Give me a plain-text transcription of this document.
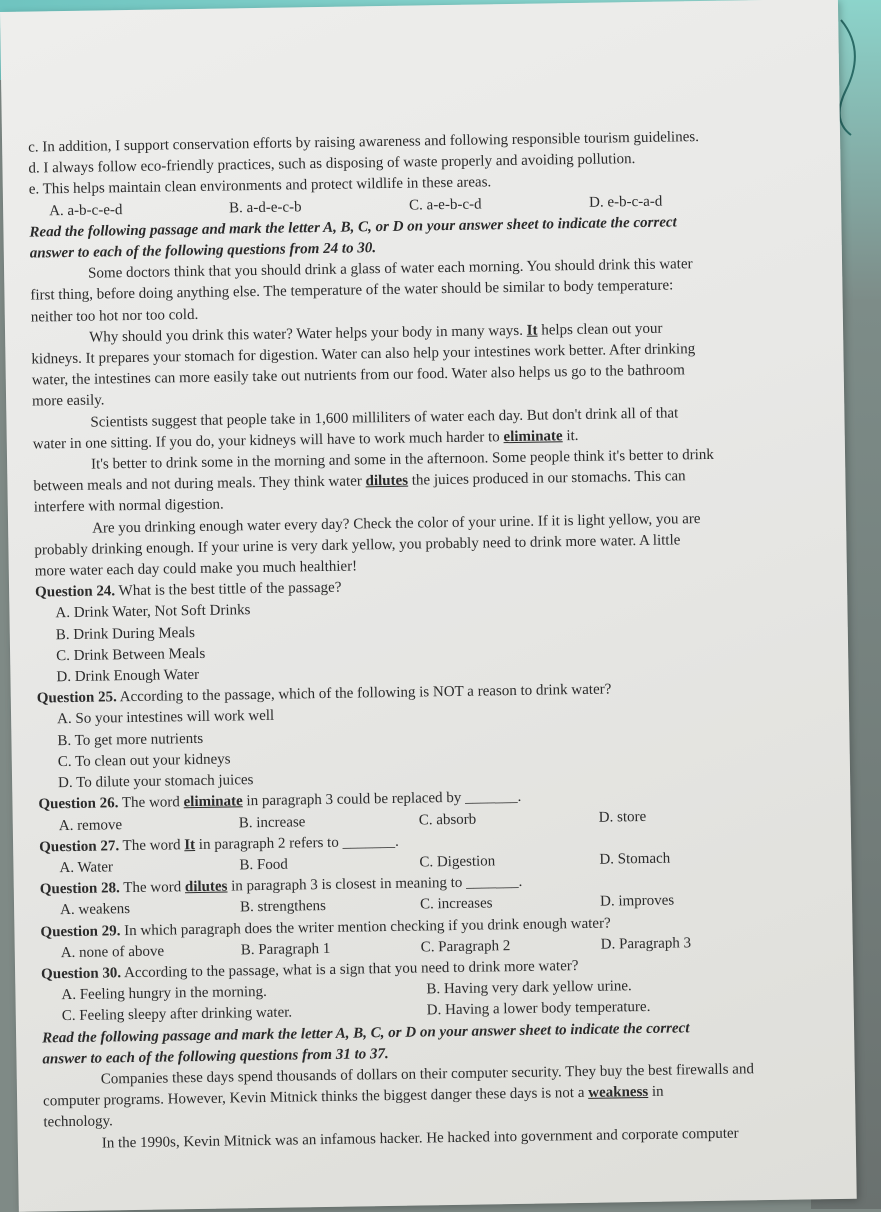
c. In addition, I support conservation efforts by raising awareness and following responsible tourism guidelines.
d. I always follow eco-friendly practices, such as disposing of waste properly and avoiding pollution.
e. This helps maintain clean environments and protect wildlife in these areas.
A. a-b-c-e-d	B. a-d-e-c-b	C. a-e-b-c-d	D. e-b-c-a-d
Read the following passage and mark the letter A, B, C, or D on your answer sheet to indicate the correct
answer to each of the following questions from 24 to 30.
Some doctors think that you should drink a glass of water each morning. You should drink this water
first thing, before doing anything else. The temperature of the water should be similar to body temperature:
neither too hot nor too cold.
Why should you drink this water? Water helps your body in many ways. It helps clean out your
kidneys. It prepares your stomach for digestion. Water can also help your intestines work better. After drinking
water, the intestines can more easily take out nutrients from our food. Water also helps us go to the bathroom
more easily.
Scientists suggest that people take in 1,600 milliliters of water each day. But don't drink all of that
water in one sitting. If you do, your kidneys will have to work much harder to eliminate it.
It's better to drink some in the morning and some in the afternoon. Some people think it's better to drink
between meals and not during meals. They think water dilutes the juices produced in our stomachs. This can
interfere with normal digestion.
Are you drinking enough water every day? Check the color of your urine. If it is light yellow, you are
probably drinking enough. If your urine is very dark yellow, you probably need to drink more water. A little
more water each day could make you much healthier!
Question 24. What is the best tittle of the passage?
A. Drink Water, Not Soft Drinks
B. Drink During Meals
C. Drink Between Meals
D. Drink Enough Water
Question 25. According to the passage, which of the following is NOT a reason to drink water?
A. So your intestines will work well
B. To get more nutrients
C. To clean out your kidneys
D. To dilute your stomach juices
Question 26. The word eliminate in paragraph 3 could be replaced by _______.
A. remove	B. increase	C. absorb	D. store
Question 27. The word It in paragraph 2 refers to _______.
A. Water	B. Food	C. Digestion	D. Stomach
Question 28. The word dilutes in paragraph 3 is closest in meaning to _______.
A. weakens	B. strengthens	C. increases	D. improves
Question 29. In which paragraph does the writer mention checking if you drink enough water?
A. none of above	B. Paragraph 1	C. Paragraph 2	D. Paragraph 3
Question 30. According to the passage, what is a sign that you need to drink more water?
A. Feeling hungry in the morning.	B. Having very dark yellow urine.
C. Feeling sleepy after drinking water.	D. Having a lower body temperature.
Read the following passage and mark the letter A, B, C, or D on your answer sheet to indicate the correct
answer to each of the following questions from 31 to 37.
Companies these days spend thousands of dollars on their computer security. They buy the best firewalls and
computer programs. However, Kevin Mitnick thinks the biggest danger these days is not a weakness in
technology.
In the 1990s, Kevin Mitnick was an infamous hacker. He hacked into government and corporate computer
